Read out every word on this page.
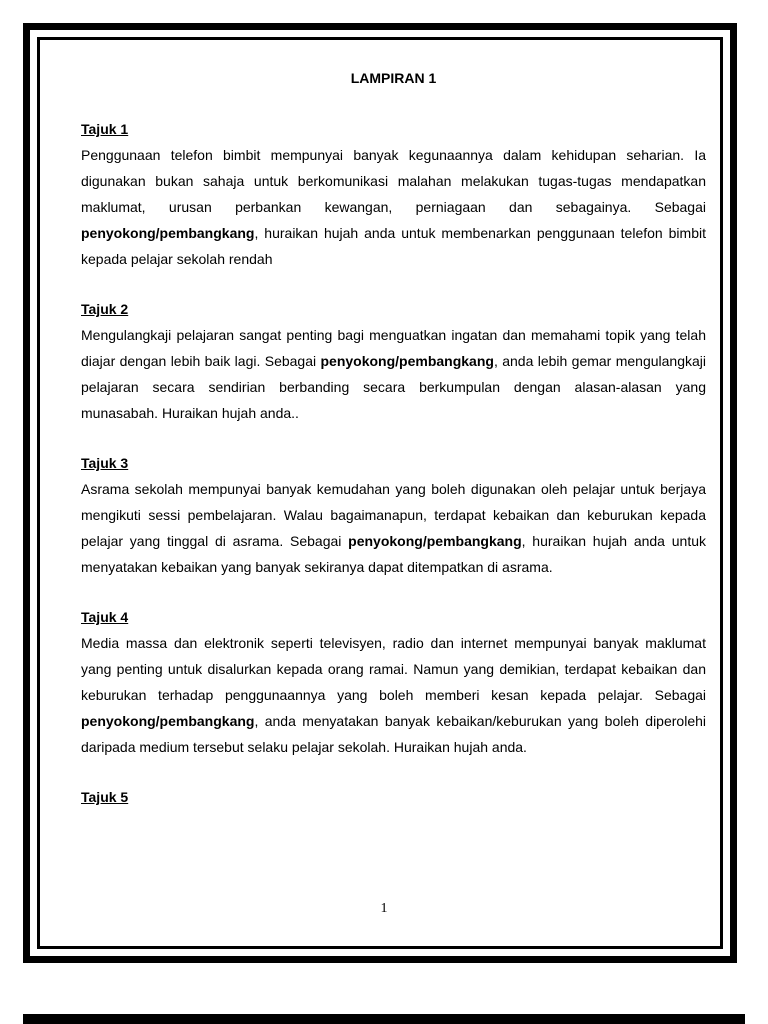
LAMPIRAN 1

Tajuk 1

Penggunaan telefon bimbit mempunyai banyak kegunaannya dalam kehidupan seharian. Ia digunakan bukan sahaja untuk berkomunikasi malahan melakukan tugas-tugas mendapatkan maklumat, urusan perbankan kewangan, perniagaan dan sebagainya. Sebagai penyokong/pembangkang, huraikan hujah anda untuk membenarkan penggunaan telefon bimbit kepada pelajar sekolah rendah

Tajuk 2

Mengulangkaji pelajaran sangat penting bagi menguatkan ingatan dan memahami topik yang telah diajar dengan lebih baik lagi. Sebagai penyokong/pembangkang, anda lebih gemar mengulangkaji pelajaran secara sendirian berbanding secara berkumpulan dengan alasan-alasan yang munasabah. Huraikan hujah anda..

Tajuk 3

Asrama sekolah mempunyai banyak kemudahan yang boleh digunakan oleh pelajar untuk berjaya mengikuti sessi pembelajaran. Walau bagaimanapun, terdapat kebaikan dan keburukan kepada pelajar yang tinggal di asrama. Sebagai penyokong/pembangkang, huraikan hujah anda untuk menyatakan kebaikan yang banyak sekiranya dapat ditempatkan di asrama.

Tajuk 4

Media massa dan elektronik seperti televisyen, radio dan internet mempunyai banyak maklumat yang penting untuk disalurkan kepada orang ramai. Namun yang demikian, terdapat kebaikan dan keburukan terhadap penggunaannya yang boleh memberi kesan kepada pelajar. Sebagai penyokong/pembangkang, anda menyatakan banyak kebaikan/keburukan yang boleh diperolehi daripada medium tersebut selaku pelajar sekolah. Huraikan hujah anda.

Tajuk 5

1
